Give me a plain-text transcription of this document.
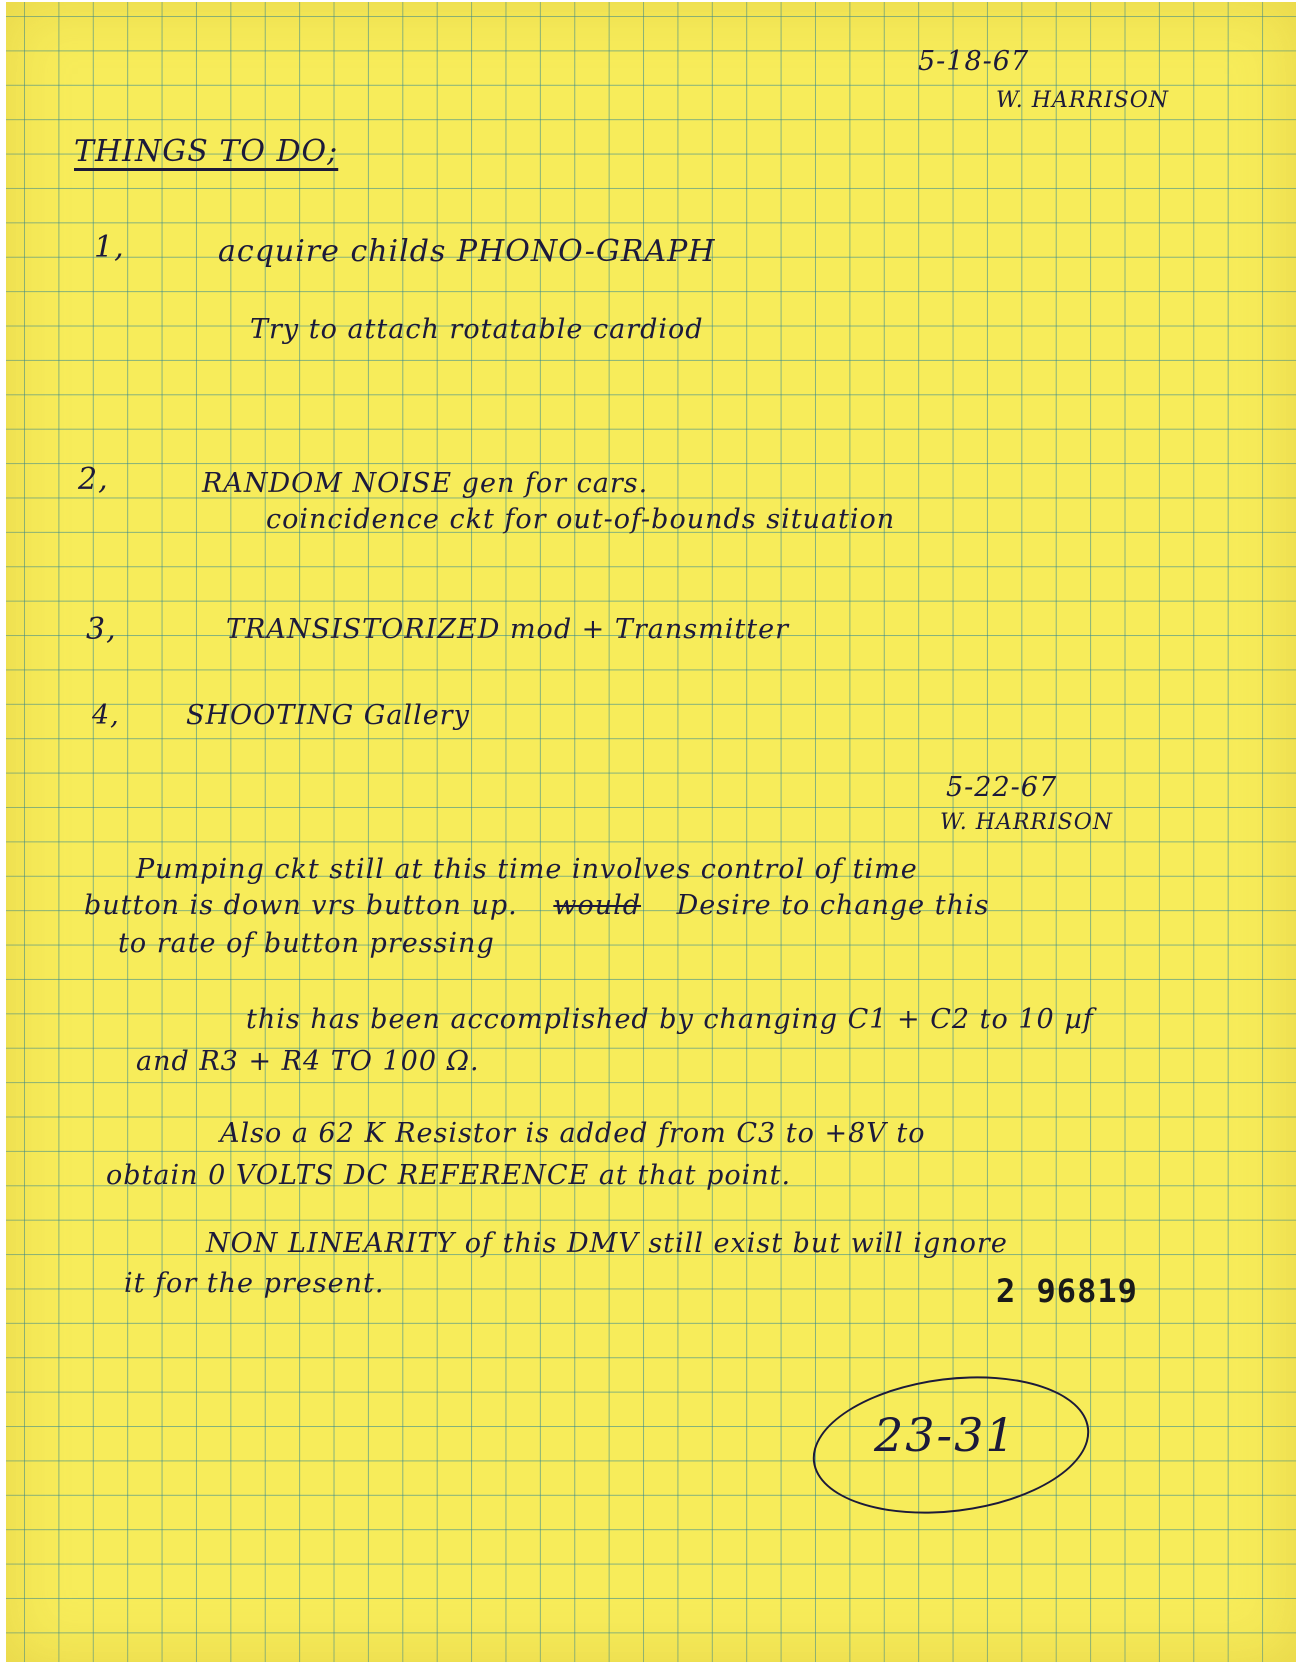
5-18-67
W. HARRISON
THINGS TO DO;
1,	acquire childs PHONO-GRAPH
Try to attach rotatable cardiod
2,	RANDOM NOISE gen for cars.
coincidence ckt for out-of-bounds situation
3,	TRANSISTORIZED mod + Transmitter
4, SHOOTING Gallery
5-22-67
W. HARRISON
Pumping ckt still at this time involves control of time
button is down vrs button up. would Desire to change this
to rate of button pressing
this has been accomplished by changing C1 + C2 to 10 µf
and R3 + R4 TO 100 Ω.
Also a 62 K Resistor is added from C3 to +8V to
obtain 0 VOLTS DC REFERENCE at that point.
NON LINEARITY of this DMV still exist but will ignore
it for the present.	2 96819
23-31
